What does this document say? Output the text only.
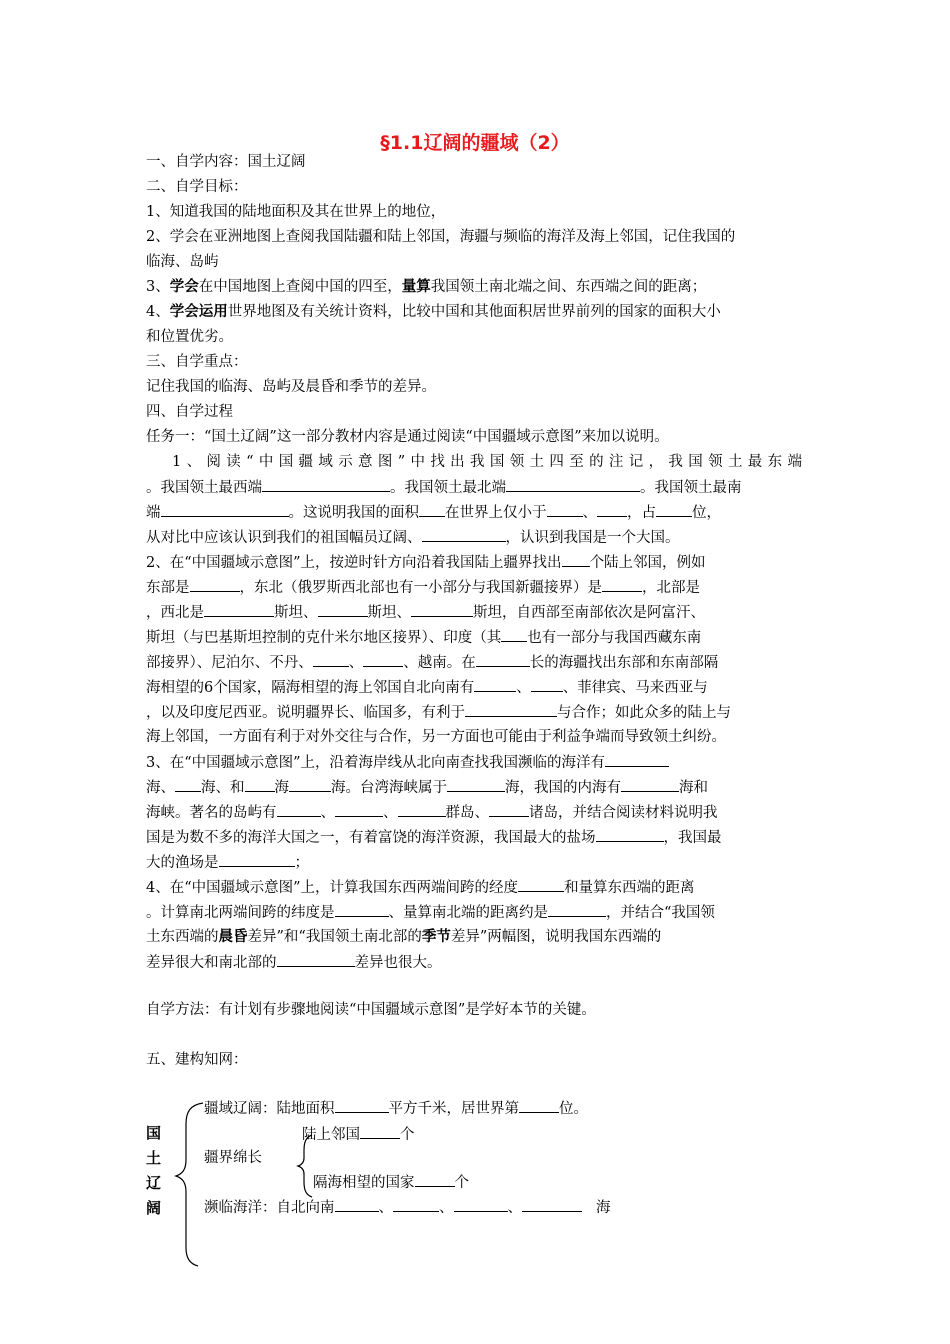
§1.1辽阔的疆域（2）
一、自学内容：国土辽阔
二、自学目标：
1、知道我国的陆地面积及其在世界上的地位，
2、学会在亚洲地图上查阅我国陆疆和陆上邻国，海疆与频临的海洋及海上邻国，记住我国的
临海、岛屿
3、学会在中国地图上查阅中国的四至，量算我国领土南北端之间、东西端之间的距离；
4、学会运用世界地图及有关统计资料，比较中国和其他面积居世界前列的国家的面积大小
和位置优劣。
三、自学重点：
记住我国的临海、岛屿及晨昏和季节的差异。
四、自学过程
任务一：“国土辽阔”这一部分教材内容是通过阅读“中国疆域示意图”来加以说明。
1、阅读“中国疆域示意图”中找出我国领土四至的注记，我国领土最东端
。我国领土最西端	。我国领土最北端	。我国领土最南
端	。这说明我国的面积 在世界上仅小于 、 ，占 位，
从对比中应该认识到我们的祖国幅员辽阔、	，认识到我国是一个大国。
2、在“中国疆域示意图”上，按逆时针方向沿着我国陆上疆界找出 个陆上邻国，例如
东部是	，东北（俄罗斯西北部也有一小部分与我国新疆接界）是	，北部是
，西北是	斯坦、	斯坦、	斯坦，自西部至南部依次是阿富汗、
斯坦（与巴基斯坦控制的克什米尔地区接界）、印度（其 也有一部分与我国西藏东南
部接界）、尼泊尔、不丹、 、	、越南。在	长的海疆找出东部和东南部隔
海相望的6个国家，隔海相望的海上邻国自北向南有	、 、菲律宾、马来西亚与
，以及印度尼西亚。说明疆界长、临国多，有利于	与合作；如此众多的陆上与
海上邻国，一方面有利于对外交往与合作，另一方面也可能由于利益争端而导致领土纠纷。
3、在“中国疆域示意图”上，沿着海岸线从北向南查找我国濒临的海洋有
海、 海、和 海	海。台湾海峡属于	海，我国的内海有	海和
海峡。著名的岛屿有	、	、	群岛、	诸岛，并结合阅读材料说明我
国是为数不多的海洋大国之一，有着富饶的海洋资源，我国最大的盐场	，我国最
大的渔场是	；
4、在“中国疆域示意图”上，计算我国东西两端间跨的经度	和量算东西端的距离
。计算南北两端间跨的纬度是	、量算南北端的距离约是	，并结合“我国领
土东西端的晨昏差异”和“我国领土南北部的季节差异”两幅图，说明我国东西端的
差异很大和南北部的	差异也很大。
自学方法：有计划有步骤地阅读“中国疆域示意图”是学好本节的关键。
五、建构知网：
国
土
辽
阔
疆域辽阔：陆地面积	平方千米，居世界第	位。
陆上邻国	个
疆界绵长
隔海相望的国家	个
濒临海洋：自北向南	、	、	、	海
